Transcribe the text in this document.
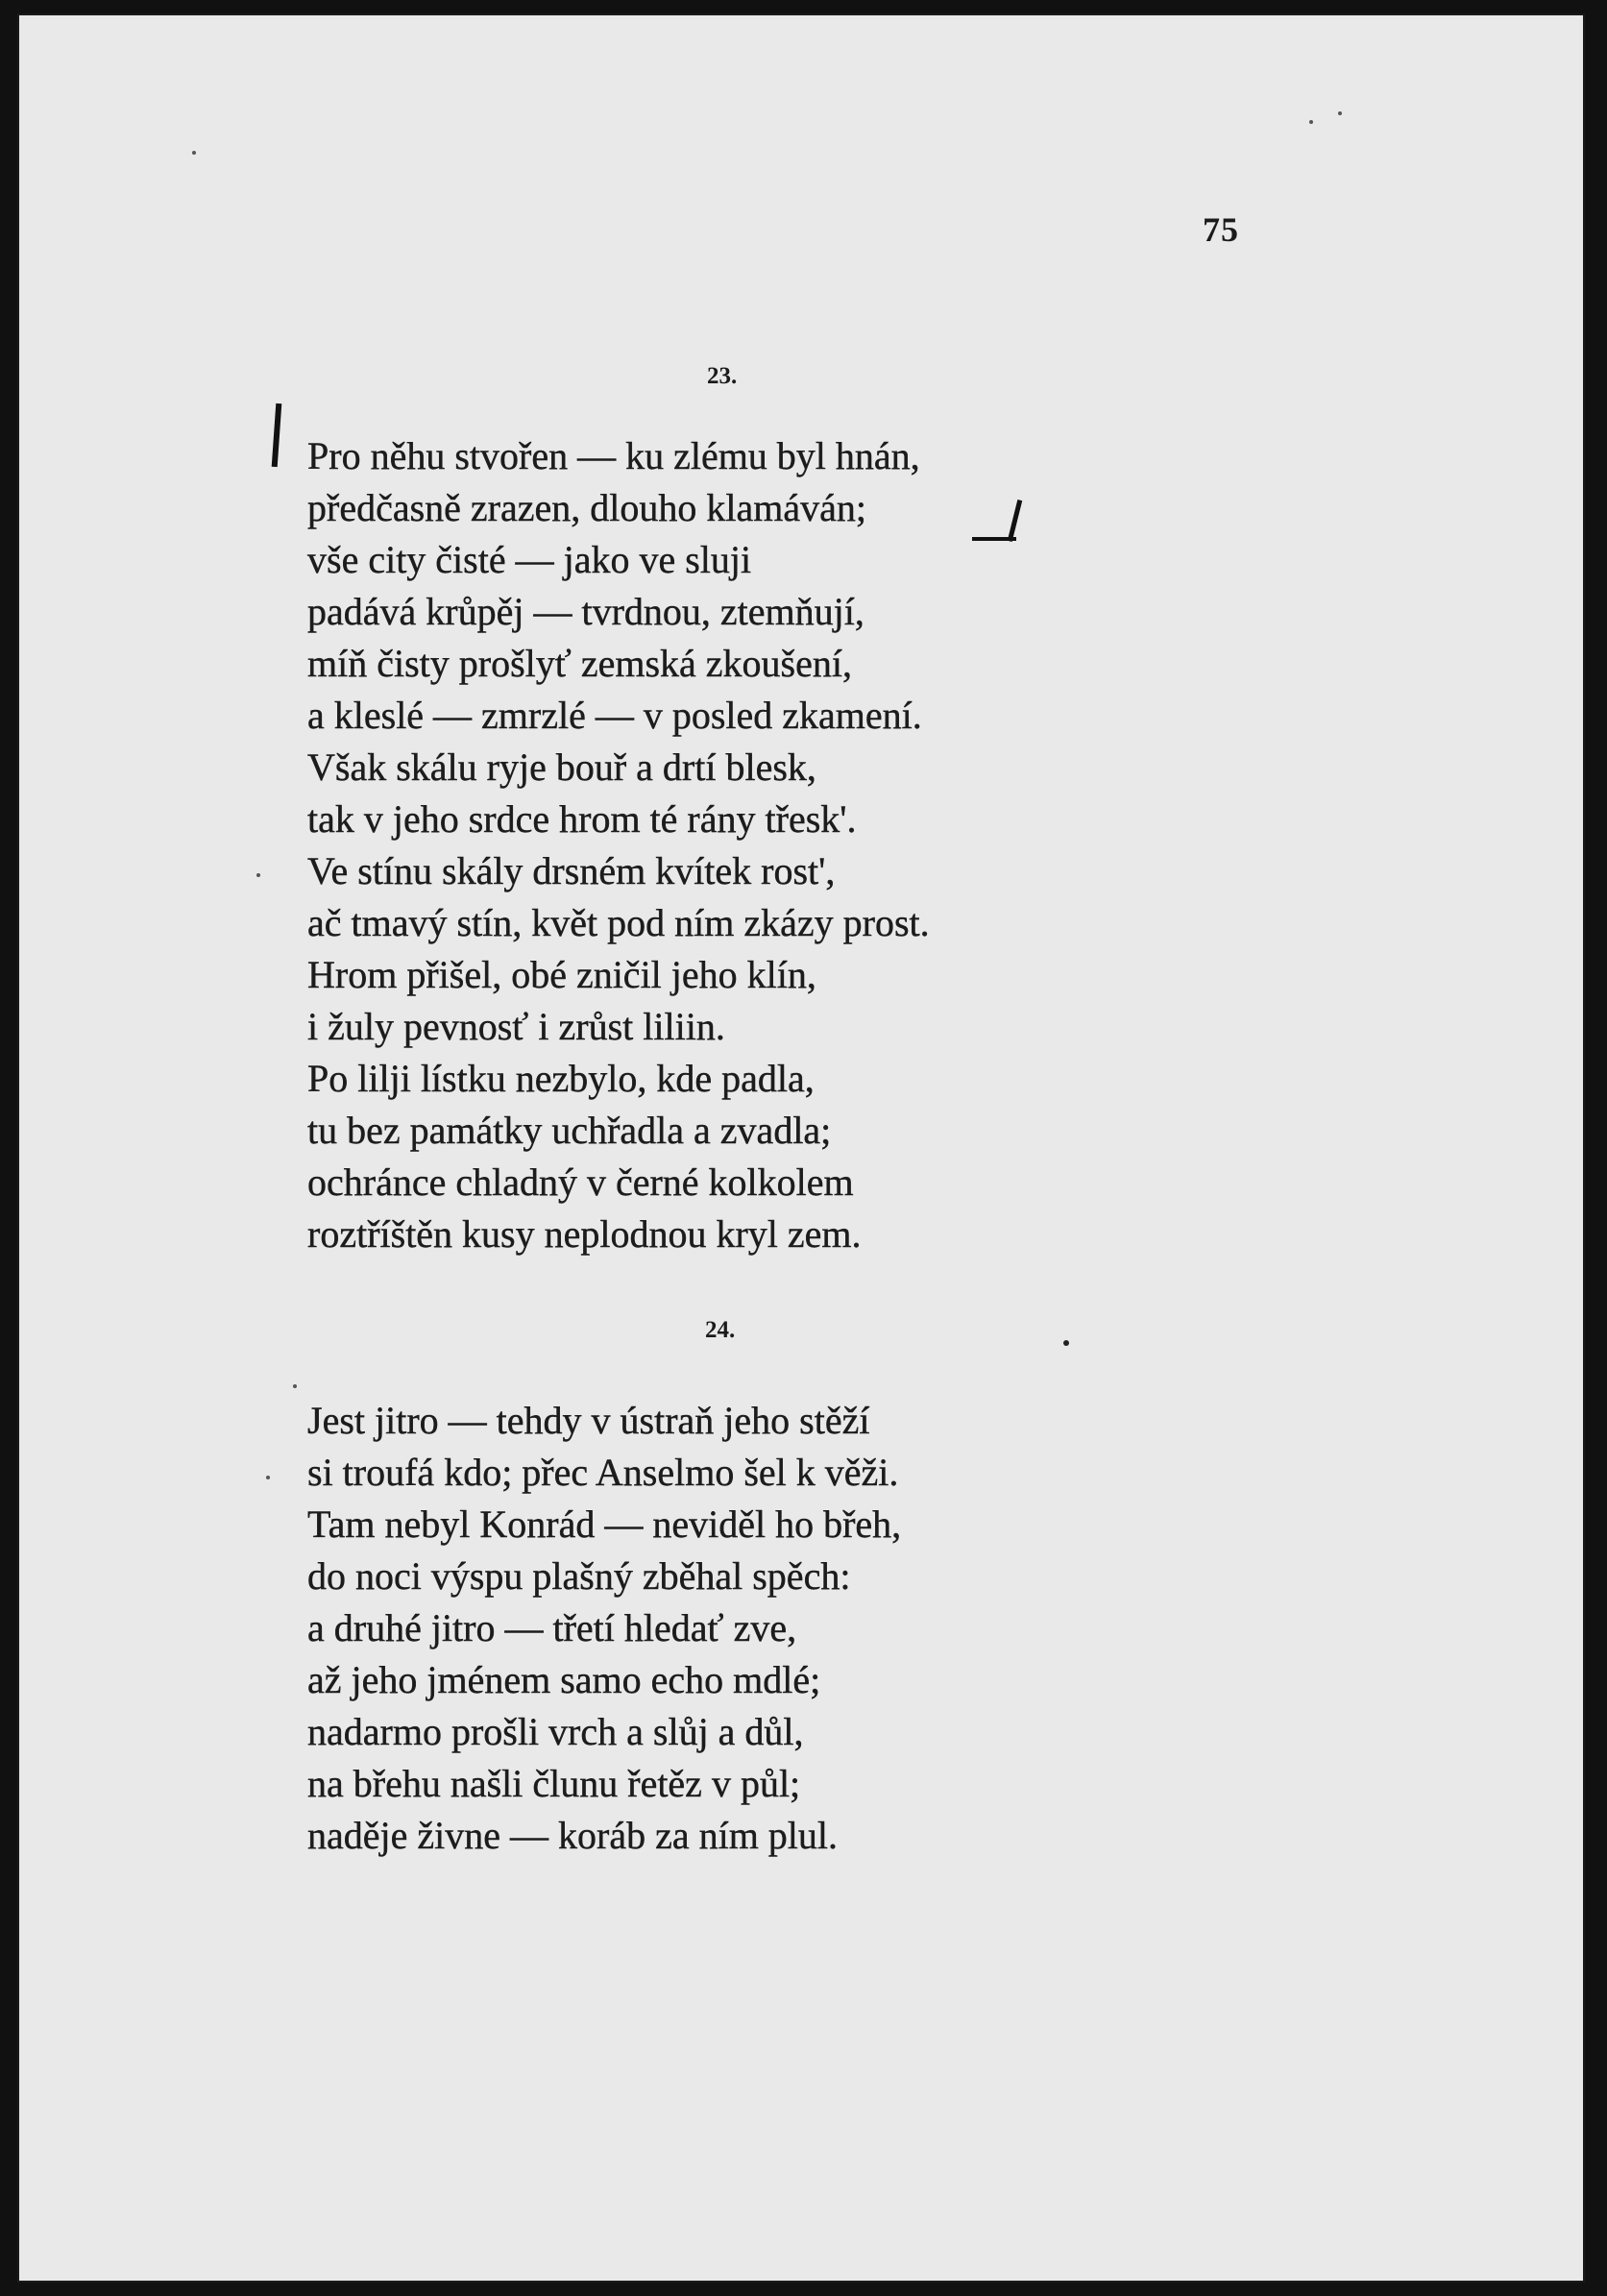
75
23.
Pro něhu stvořen — ku zlému byl hnán,
předčasně zrazen, dlouho klamáván;
vše city čisté — jako ve sluji
padává krůpěj — tvrdnou, ztemňují,
míň čisty prošlyť zemská zkoušení,
a kleslé — zmrzlé — v posled zkamení.
Však skálu ryje bouř a drtí blesk,
tak v jeho srdce hrom té rány třesk'.
Ve stínu skály drsném kvítek rost',
ač tmavý stín, květ pod ním zkázy prost.
Hrom přišel, obé zničil jeho klín,
i žuly pevnosť i zrůst liliin.
Po lilji lístku nezbylo, kde padla,
tu bez památky uchřadla a zvadla;
ochránce chladný v černé kolkolem
roztříštěn kusy neplodnou kryl zem.
24.
Jest jitro — tehdy v ústraň jeho stěží
si troufá kdo; přec Anselmo šel k věži.
Tam nebyl Konrád — neviděl ho břeh,
do noci výspu plašný zběhal spěch:
a druhé jitro — třetí hledať zve,
až jeho jménem samo echo mdlé;
nadarmo prošli vrch a slůj a důl,
na břehu našli člunu řetěz v půl;
naděje živne — koráb za ním plul.
